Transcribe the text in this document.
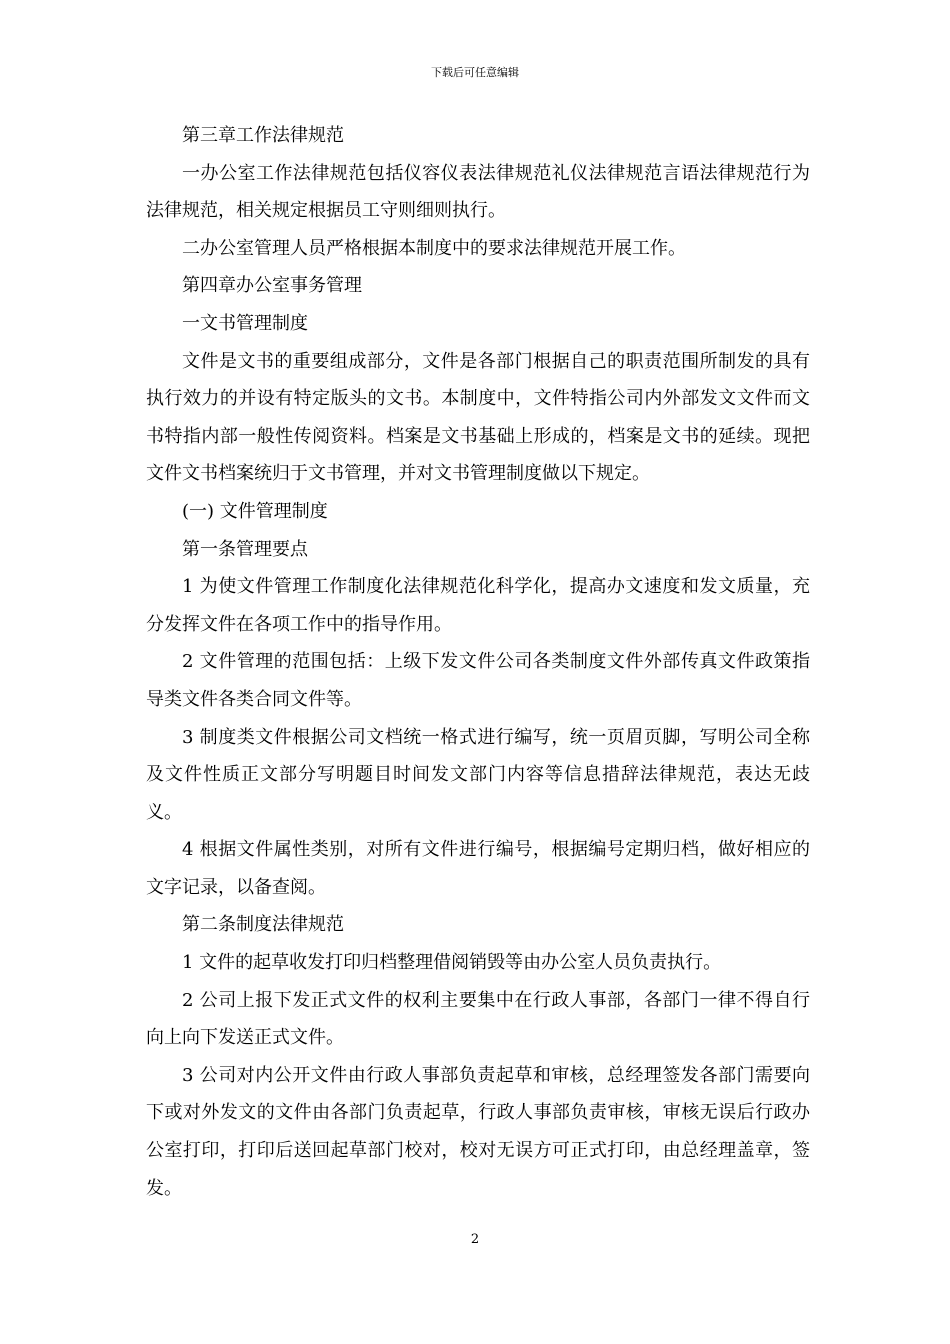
下载后可任意编辑

第三章工作法律规范

一办公室工作法律规范包括仪容仪表法律规范礼仪法律规范言语法律规范行为法律规范，相关规定根据员工守则细则执行。

二办公室管理人员严格根据本制度中的要求法律规范开展工作。

第四章办公室事务管理

一文书管理制度

文件是文书的重要组成部分，文件是各部门根据自己的职责范围所制发的具有执行效力的并设有特定版头的文书。本制度中，文件特指公司内外部发文文件而文书特指内部一般性传阅资料。档案是文书基础上形成的，档案是文书的延续。现把文件文书档案统归于文书管理，并对文书管理制度做以下规定。

(一) 文件管理制度

第一条管理要点

1 为使文件管理工作制度化法律规范化科学化，提高办文速度和发文质量，充分发挥文件在各项工作中的指导作用。

2 文件管理的范围包括：上级下发文件公司各类制度文件外部传真文件政策指导类文件各类合同文件等。

3 制度类文件根据公司文档统一格式进行编写，统一页眉页脚，写明公司全称及文件性质正文部分写明题目时间发文部门内容等信息措辞法律规范，表达无歧义。

4 根据文件属性类别，对所有文件进行编号，根据编号定期归档，做好相应的文字记录，以备查阅。

第二条制度法律规范

1 文件的起草收发打印归档整理借阅销毁等由办公室人员负责执行。

2 公司上报下发正式文件的权利主要集中在行政人事部，各部门一律不得自行向上向下发送正式文件。

3 公司对内公开文件由行政人事部负责起草和审核，总经理签发各部门需要向下或对外发文的文件由各部门负责起草，行政人事部负责审核，审核无误后行政办公室打印，打印后送回起草部门校对，校对无误方可正式打印，由总经理盖章，签发。

2
